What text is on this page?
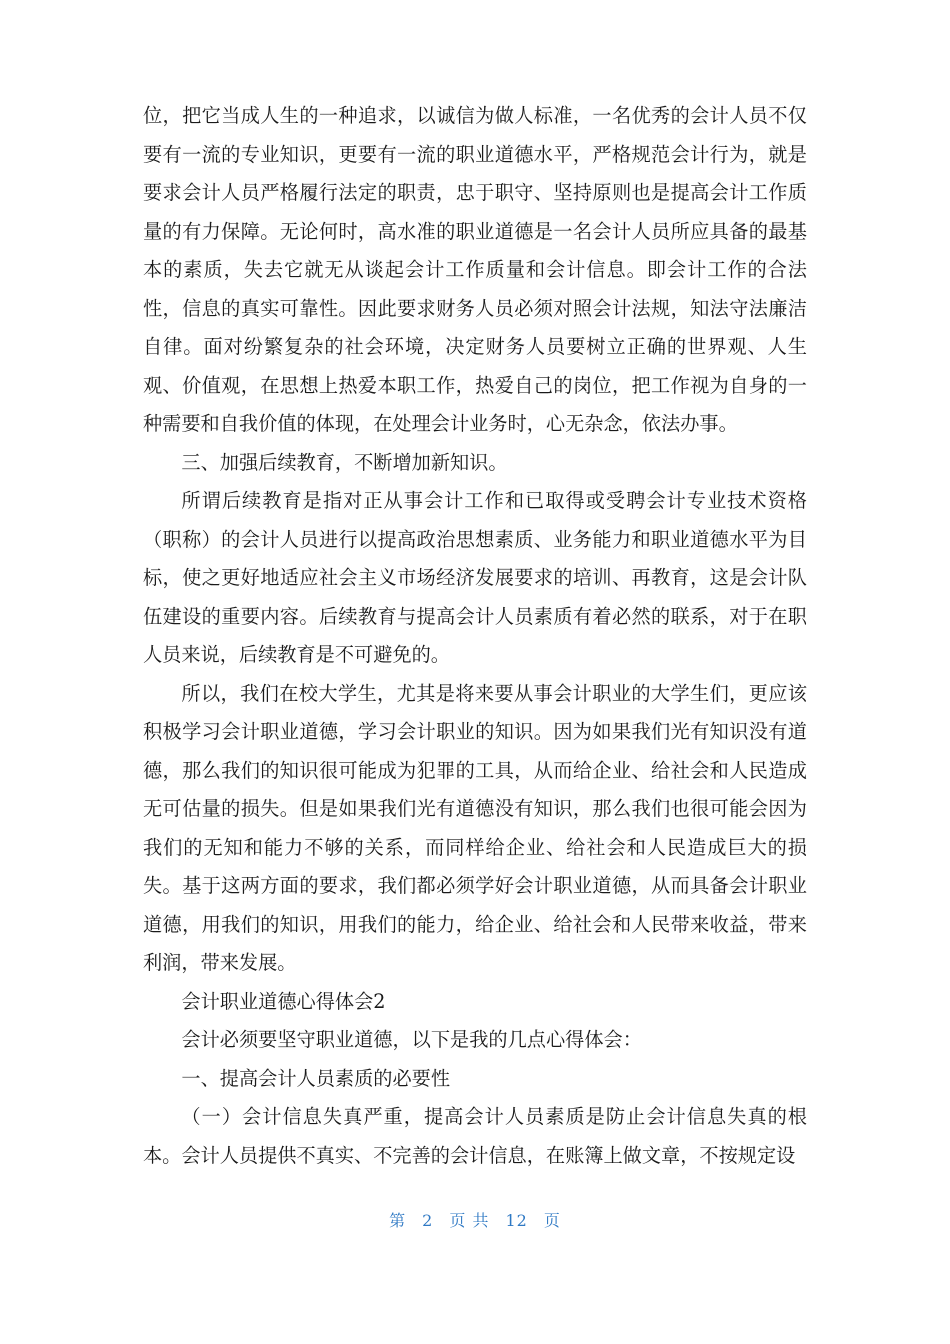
位，把它当成人生的一种追求，以诚信为做人标准，一名优秀的会计人员不仅要有一流的专业知识，更要有一流的职业道德水平，严格规范会计行为，就是要求会计人员严格履行法定的职责，忠于职守、坚持原则也是提高会计工作质量的有力保障。无论何时，高水准的职业道德是一名会计人员所应具备的最基本的素质，失去它就无从谈起会计工作质量和会计信息。即会计工作的合法性，信息的真实可靠性。因此要求财务人员必须对照会计法规，知法守法廉洁自律。面对纷繁复杂的社会环境，决定财务人员要树立正确的世界观、人生观、价值观，在思想上热爱本职工作，热爱自己的岗位，把工作视为自身的一种需要和自我价值的体现，在处理会计业务时，心无杂念，依法办事。

三、加强后续教育，不断增加新知识。

所谓后续教育是指对正从事会计工作和已取得或受聘会计专业技术资格（职称）的会计人员进行以提高政治思想素质、业务能力和职业道德水平为目标，使之更好地适应社会主义市场经济发展要求的培训、再教育，这是会计队伍建设的重要内容。后续教育与提高会计人员素质有着必然的联系，对于在职人员来说，后续教育是不可避免的。

所以，我们在校大学生，尤其是将来要从事会计职业的大学生们，更应该积极学习会计职业道德，学习会计职业的知识。因为如果我们光有知识没有道德，那么我们的知识很可能成为犯罪的工具，从而给企业、给社会和人民造成无可估量的损失。但是如果我们光有道德没有知识，那么我们也很可能会因为我们的无知和能力不够的关系，而同样给企业、给社会和人民造成巨大的损失。基于这两方面的要求，我们都必须学好会计职业道德，从而具备会计职业道德，用我们的知识，用我们的能力，给企业、给社会和人民带来收益，带来利润，带来发展。

会计职业道德心得体会2

会计必须要坚守职业道德，以下是我的几点心得体会：

一、提高会计人员素质的必要性

（一）会计信息失真严重，提高会计人员素质是防止会计信息失真的根本。会计人员提供不真实、不完善的会计信息，在账簿上做文章，不按规定设

第 2 页 共 12 页
